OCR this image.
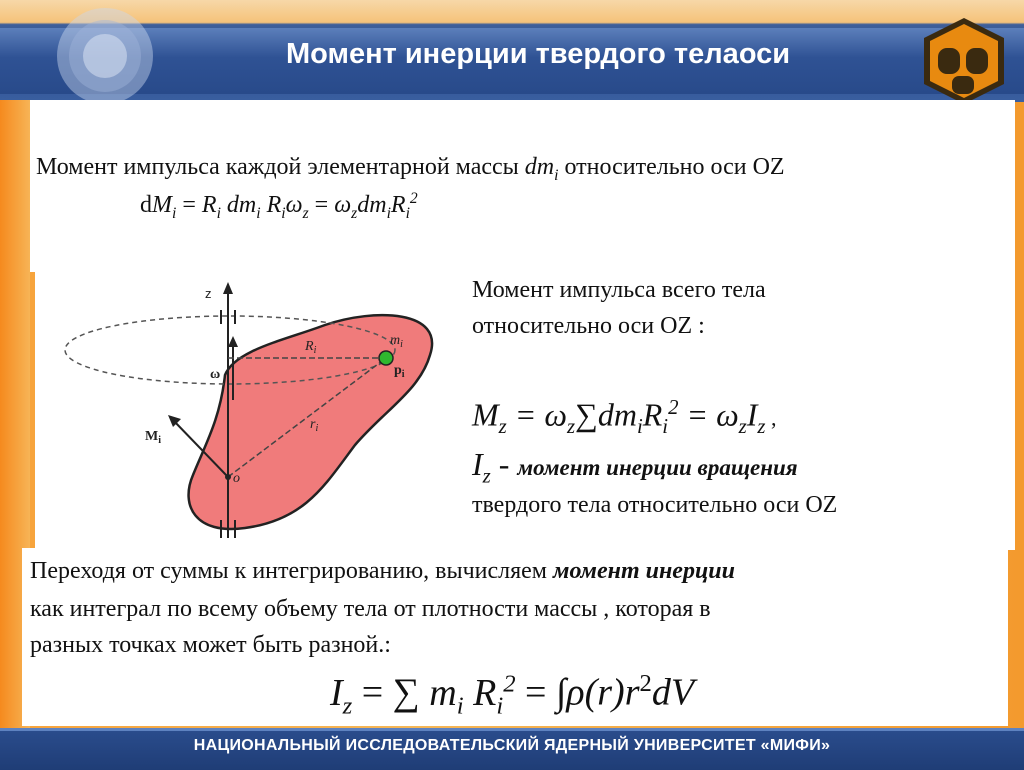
Момент инерции твердого телаоси
Момент импульса каждой элементарной массы $dm_i$ относительно оси OZ
$dM_i = R_i$ $dm_i$ $R_i\omega_z = \omega_zdm_iR_i^2$
z
ω
$R_i$
$m_i$
$p_i$
$r_i$
$M_i$
o
Момент импульса всего тела
относительно оси OZ :
$M_z = \omega_z\sum dm_iR_i^2 = \omega_zI_z$ ,
$I_z$ - момент инерции вращения
твердого тела относительно оси OZ
Переходя от суммы к интегрированию, вычисляем момент инерции
как интеграл по всему объему тела от плотности массы , которая в
разных точках может быть разной.:
$I_z$ = ∑ $m_i$ $R_i^2 = \int\rho(r)r^2dV$
НАЦИОНАЛЬНЫЙ ИССЛЕДОВАТЕЛЬСКИЙ ЯДЕРНЫЙ УНИВЕРСИТЕТ «МИФИ»
